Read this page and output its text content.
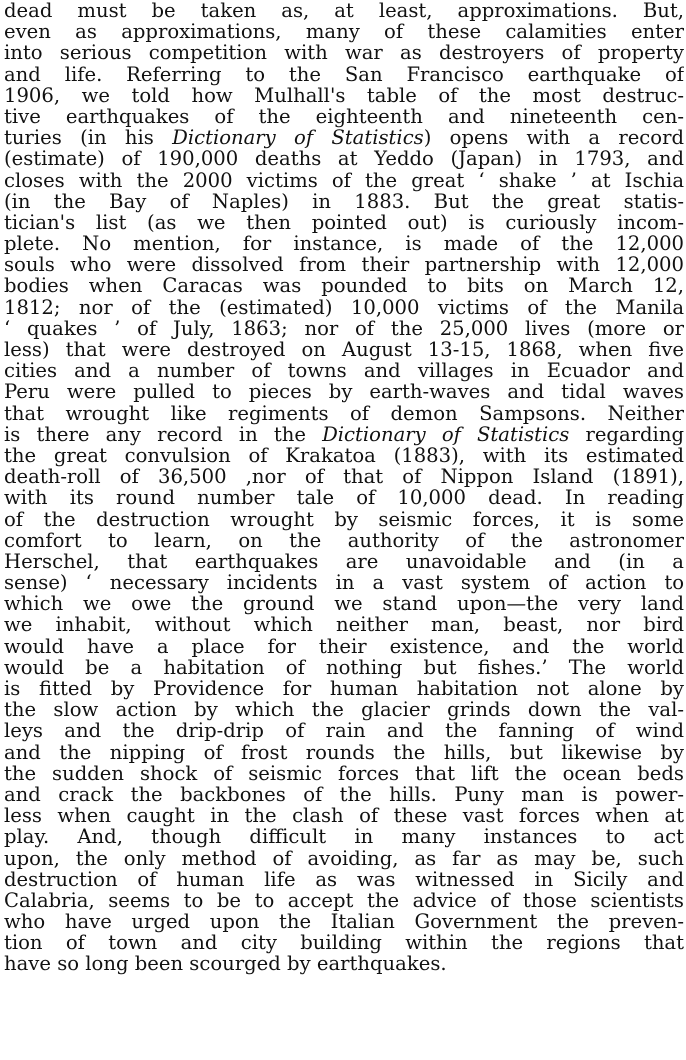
dead must be taken as, at least, approximations. But,
even as approximations, many of these calamities enter
into serious competition with war as destroyers of property
and life. Referring to the San Francisco earthquake of
1906, we told how Mulhall's table of the most destruc-
tive earthquakes of the eighteenth and nineteenth cen-
turies (in his Dictionary of Statistics) opens with a record
(estimate) of 190,000 deaths at Yeddo (Japan) in 1793, and
closes with the 2000 victims of the great ‘ shake ’ at Ischia
(in the Bay of Naples) in 1883. But the great statis-
tician's list (as we then pointed out) is curiously incom-
plete. No mention, for instance, is made of the 12,000
souls who were dissolved from their partnership with 12,000
bodies when Caracas was pounded to bits on March 12,
1812; nor of the (estimated) 10,000 victims of the Manila
‘ quakes ’ of July, 1863; nor of the 25,000 lives (more or
less) that were destroyed on August 13-15, 1868, when five
cities and a number of towns and villages in Ecuador and
Peru were pulled to pieces by earth-waves and tidal waves
that wrought like regiments of demon Sampsons. Neither
is there any record in the Dictionary of Statistics regarding
the great convulsion of Krakatoa (1883), with its estimated
death-roll of 36,500 ,nor of that of Nippon Island (1891),
with its round number tale of 10,000 dead. In reading
of the destruction wrought by seismic forces, it is some
comfort to learn, on the authority of the astronomer
Herschel, that earthquakes are unavoidable and (in a
sense) ‘ necessary incidents in a vast system of action to
which we owe the ground we stand upon—the very land
we inhabit, without which neither man, beast, nor bird
would have a place for their existence, and the world
would be a habitation of nothing but fishes.’ The world
is fitted by Providence for human habitation not alone by
the slow action by which the glacier grinds down the val-
leys and the drip-drip of rain and the fanning of wind
and the nipping of frost rounds the hills, but likewise by
the sudden shock of seismic forces that lift the ocean beds
and crack the backbones of the hills. Puny man is power-
less when caught in the clash of these vast forces when at
play. And, though difficult in many instances to act
upon, the only method of avoiding, as far as may be, such
destruction of human life as was witnessed in Sicily and
Calabria, seems to be to accept the advice of those scientists
who have urged upon the Italian Government the preven-
tion of town and city building within the regions that
have so long been scourged by earthquakes.
